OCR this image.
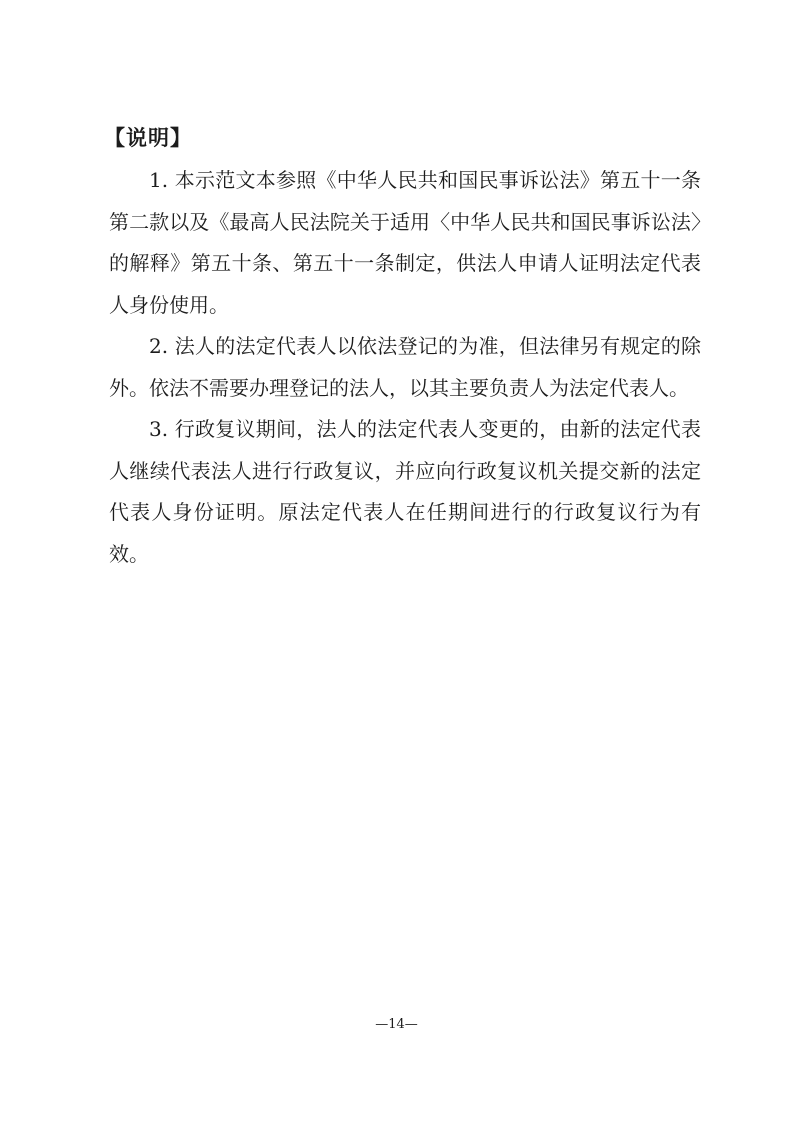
【说明】

1. 本示范文本参照《中华人民共和国民事诉讼法》第五十一条第二款以及《最高人民法院关于适用〈中华人民共和国民事诉讼法〉的解释》第五十条、第五十一条制定，供法人申请人证明法定代表人身份使用。

2. 法人的法定代表人以依法登记的为准，但法律另有规定的除外。依法不需要办理登记的法人，以其主要负责人为法定代表人。

3. 行政复议期间，法人的法定代表人变更的，由新的法定代表人继续代表法人进行行政复议，并应向行政复议机关提交新的法定代表人身份证明。原法定代表人在任期间进行的行政复议行为有效。

—14—
